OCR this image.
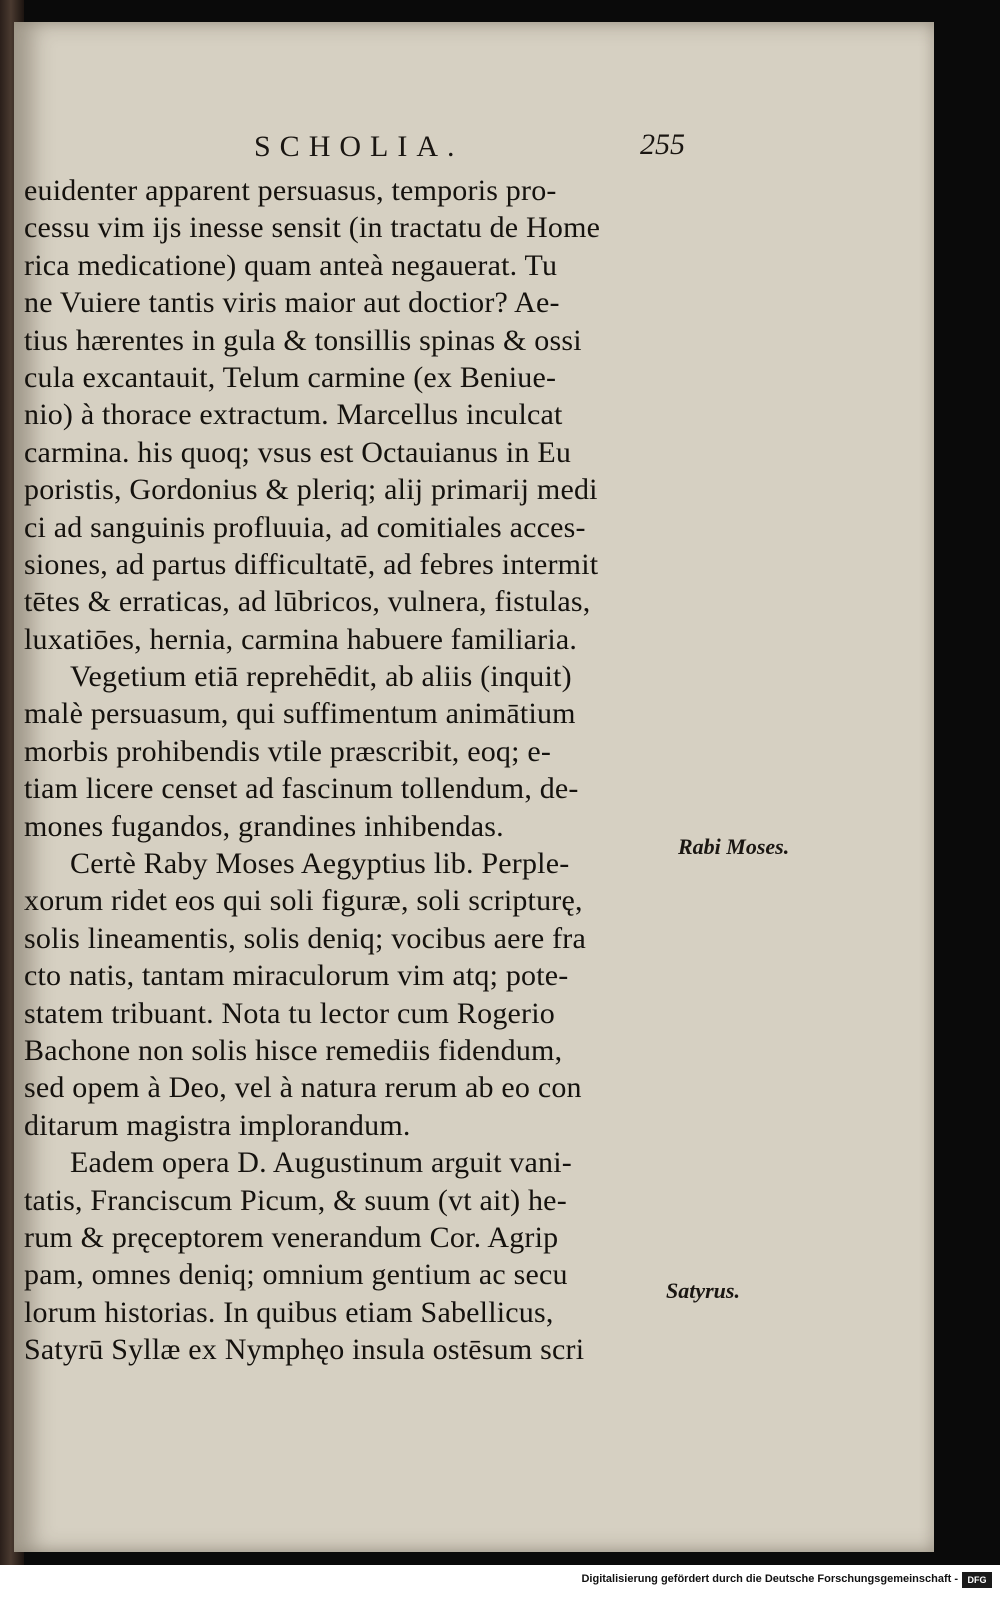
SCHOLIA.	255
euidenter apparent persuasus, temporis pro-
cessu vim ijs inesse sensit (in tractatu de Home
rica medicatione) quam anteà negauerat. Tu
ne Vuiere tantis viris maior aut doctior? Ae-
tius hærentes in gula & tonsillis spinas & ossi
cula excantauit, Telum carmine (ex Beniue-
nio) à thorace extractum. Marcellus inculcat
carmina. his quoq; vsus est Octauianus in Eu
poristis, Gordonius & pleriq; alij primarij medi
ci ad sanguinis profluuia, ad comitiales acces-
siones, ad partus difficultatē, ad febres intermit
tētes & erraticas, ad lūbricos, vulnera, fistulas,
luxatiōes, hernia, carmina habuere familiaria.
Vegetium etiā reprehēdit, ab aliis (inquit)
malè persuasum, qui suffimentum animātium
morbis prohibendis vtile præscribit, eoq; e-
tiam licere censet ad fascinum tollendum, de-
mones fugandos, grandines inhibendas.
Certè Raby Moses Aegyptius lib. Perple-
xorum ridet eos qui soli figuræ, soli scripturę,
solis lineamentis, solis deniq; vocibus aere fra
cto natis, tantam miraculorum vim atq; pote-
statem tribuant. Nota tu lector cum Rogerio
Bachone non solis hisce remediis fidendum,
sed opem à Deo, vel à natura rerum ab eo con
ditarum magistra implorandum.
Eadem opera D. Augustinum arguit vani-
tatis, Franciscum Picum, & suum (vt ait) he-
rum & pręceptorem venerandum Cor. Agrip
pam, omnes deniq; omnium gentium ac secu
lorum historias. In quibus etiam Sabellicus,
Satyrū Syllæ ex Nymphęo insula ostēsum scri
Rabi Moses.
Satyrus.
Digitalisierung gefördert durch die Deutsche Forschungsgemeinschaft -	DFG
